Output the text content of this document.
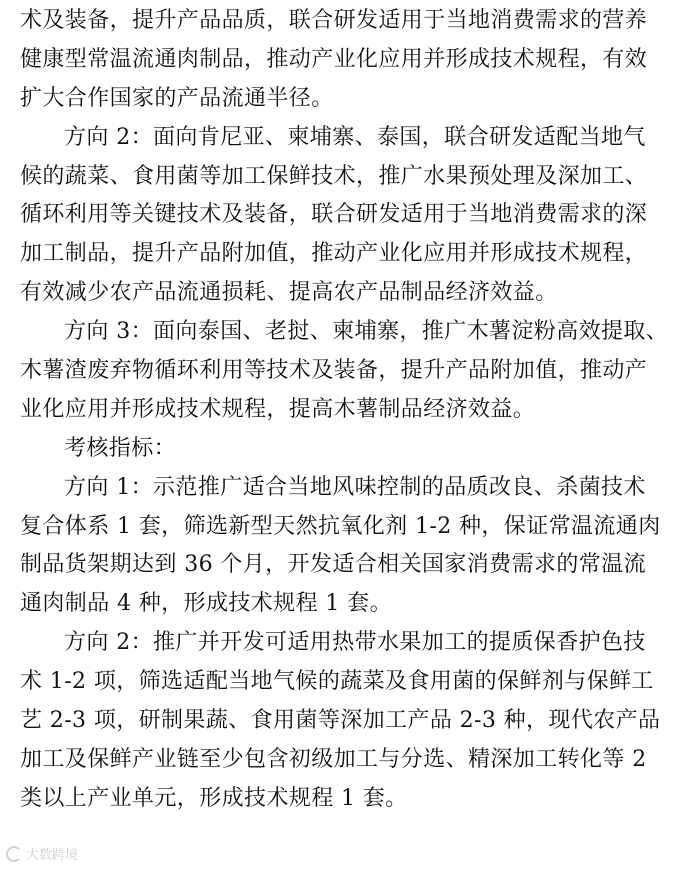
术及装备，提升产品品质，联合研发适用于当地消费需求的营养
健康型常温流通肉制品，推动产业化应用并形成技术规程，有效
扩大合作国家的产品流通半径。
方向 2：面向肯尼亚、柬埔寨、泰国，联合研发适配当地气
候的蔬菜、食用菌等加工保鲜技术，推广水果预处理及深加工、
循环利用等关键技术及装备，联合研发适用于当地消费需求的深
加工制品，提升产品附加值，推动产业化应用并形成技术规程，
有效减少农产品流通损耗、提高农产品制品经济效益。
方向 3：面向泰国、老挝、柬埔寨，推广木薯淀粉高效提取、
木薯渣废弃物循环利用等技术及装备，提升产品附加值，推动产
业化应用并形成技术规程，提高木薯制品经济效益。
考核指标：
方向 1：示范推广适合当地风味控制的品质改良、杀菌技术
复合体系 1 套，筛选新型天然抗氧化剂 1-2 种，保证常温流通肉
制品货架期达到 36 个月，开发适合相关国家消费需求的常温流
通肉制品 4 种，形成技术规程 1 套。
方向 2：推广并开发可适用热带水果加工的提质保香护色技
术 1-2 项，筛选适配当地气候的蔬菜及食用菌的保鲜剂与保鲜工
艺 2-3 项，研制果蔬、食用菌等深加工产品 2-3 种，现代农产品
加工及保鲜产业链至少包含初级加工与分选、精深加工转化等 2
类以上产业单元，形成技术规程 1 套。
大数跨境
